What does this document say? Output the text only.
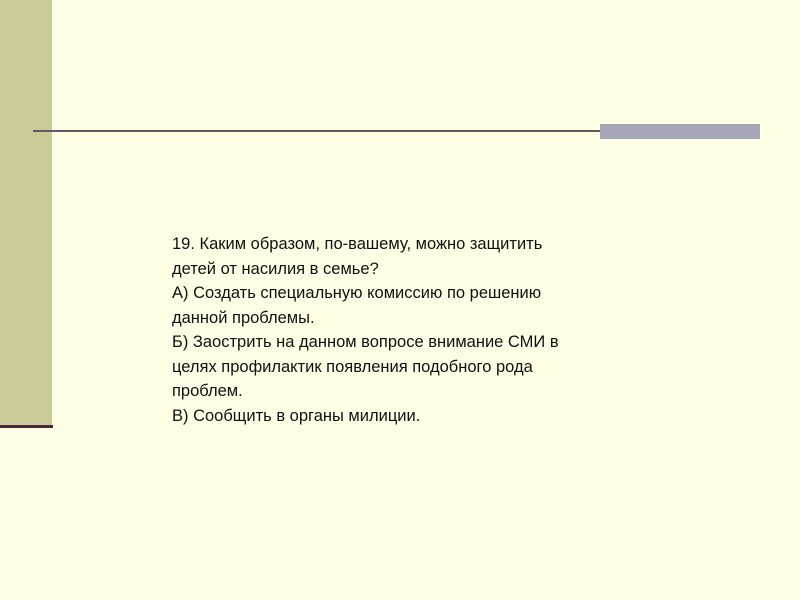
19. Каким образом, по-вашему, можно защитить

детей от насилия в семье?

А) Создать специальную комиссию по решению

данной проблемы.

Б) Заострить на данном вопросе внимание СМИ в

целях профилактик появления подобного рода

проблем.

В) Сообщить в органы милиции.
